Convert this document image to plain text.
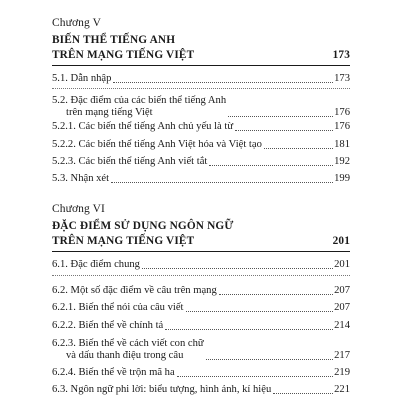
Chương V
BIẾN THỂ TIẾNG ANH
TRÊN MẠNG TIẾNG VIỆT	173
5.1. Dẫn nhập	173
5.2. Đặc điểm của các biến thể tiếng Anh
trên mạng tiếng Việt	176
5.2.1. Các biến thể tiếng Anh chủ yếu là từ	176
5.2.2. Các biến thể tiếng Anh Việt hóa và Việt tạo	181
5.2.3. Các biến thể tiếng Anh viết tắt	192
5.3. Nhận xét	199
Chương VI
ĐẶC ĐIỂM SỬ DỤNG NGÔN NGỮ
TRÊN MẠNG TIẾNG VIỆT	201
6.1. Đặc điểm chung	201
6.2. Một số đặc điểm về câu trên mạng	207
6.2.1. Biến thể nói của câu viết	207
6.2.2. Biến thể về chính tả	214
6.2.3. Biến thể về cách viết con chữ
và dấu thanh điệu trong câu	217
6.2.4. Biến thể về trộn mã ha	219
6.3. Ngôn ngữ phi lời: biểu tượng, hình ảnh, kí hiệu	221
